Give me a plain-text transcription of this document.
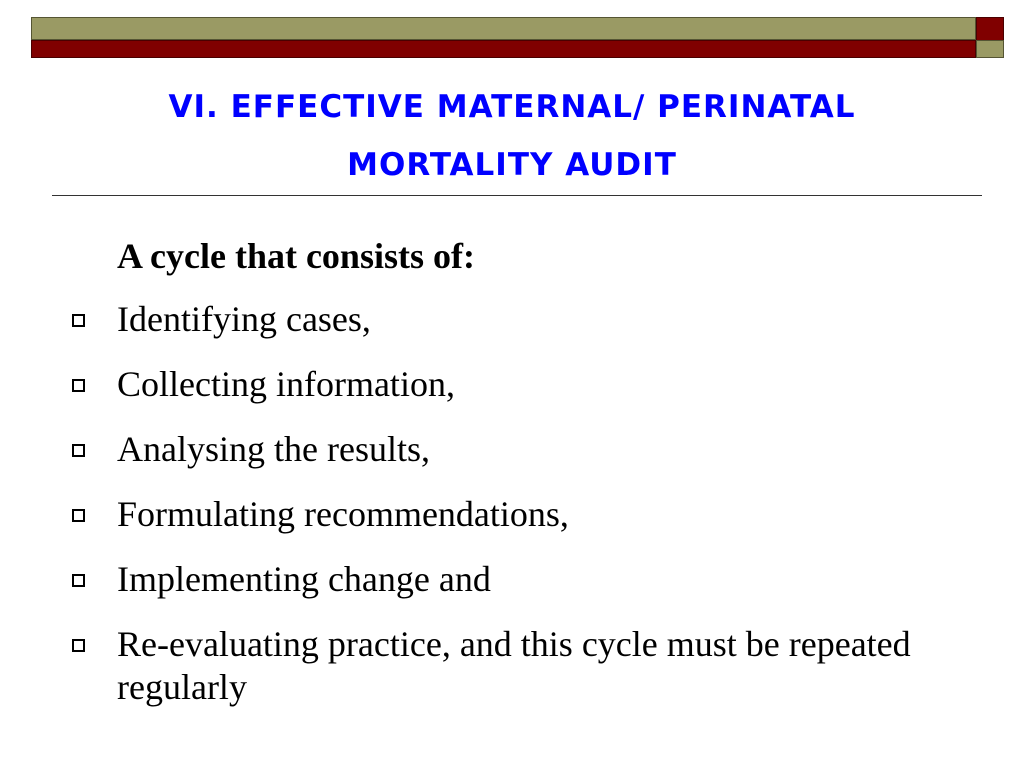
VI. EFFECTIVE MATERNAL/ PERINATAL
MORTALITY AUDIT
A cycle that consists of:
Identifying cases,
Collecting information,
Analysing the results,
Formulating recommendations,
Implementing change and
Re-evaluating practice, and this cycle must be repeated regularly
